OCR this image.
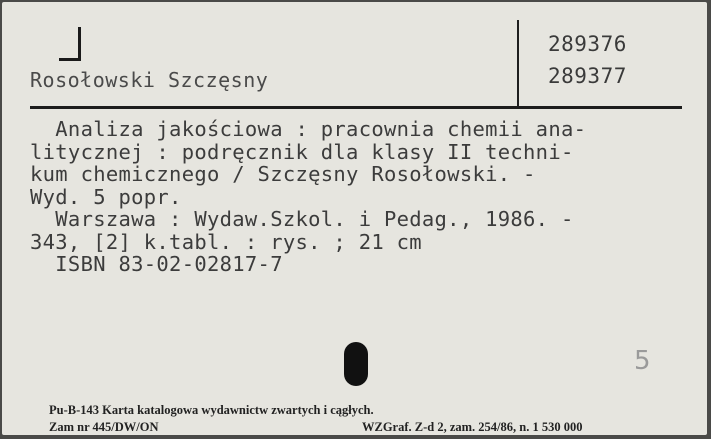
Rosołowski Szczęsny
289376
289377
Analiza jakościowa : pracownia chemii ana-
litycznej : podręcznik dla klasy II techni-
kum chemicznego / Szczęsny Rosołowski. -
Wyd. 5 popr.
Warszawa : Wydaw.Szkol. i Pedag., 1986. -
343, [2] k.tabl. : rys. ; 21 cm
ISBN 83-02-02817-7
5
Pu-B-143 Karta katalogowa wydawnictw zwartych i cągłych.
Zam nr 445/DW/ON	WZGraf. Z-d 2, zam. 254/86, n. 1 530 000
